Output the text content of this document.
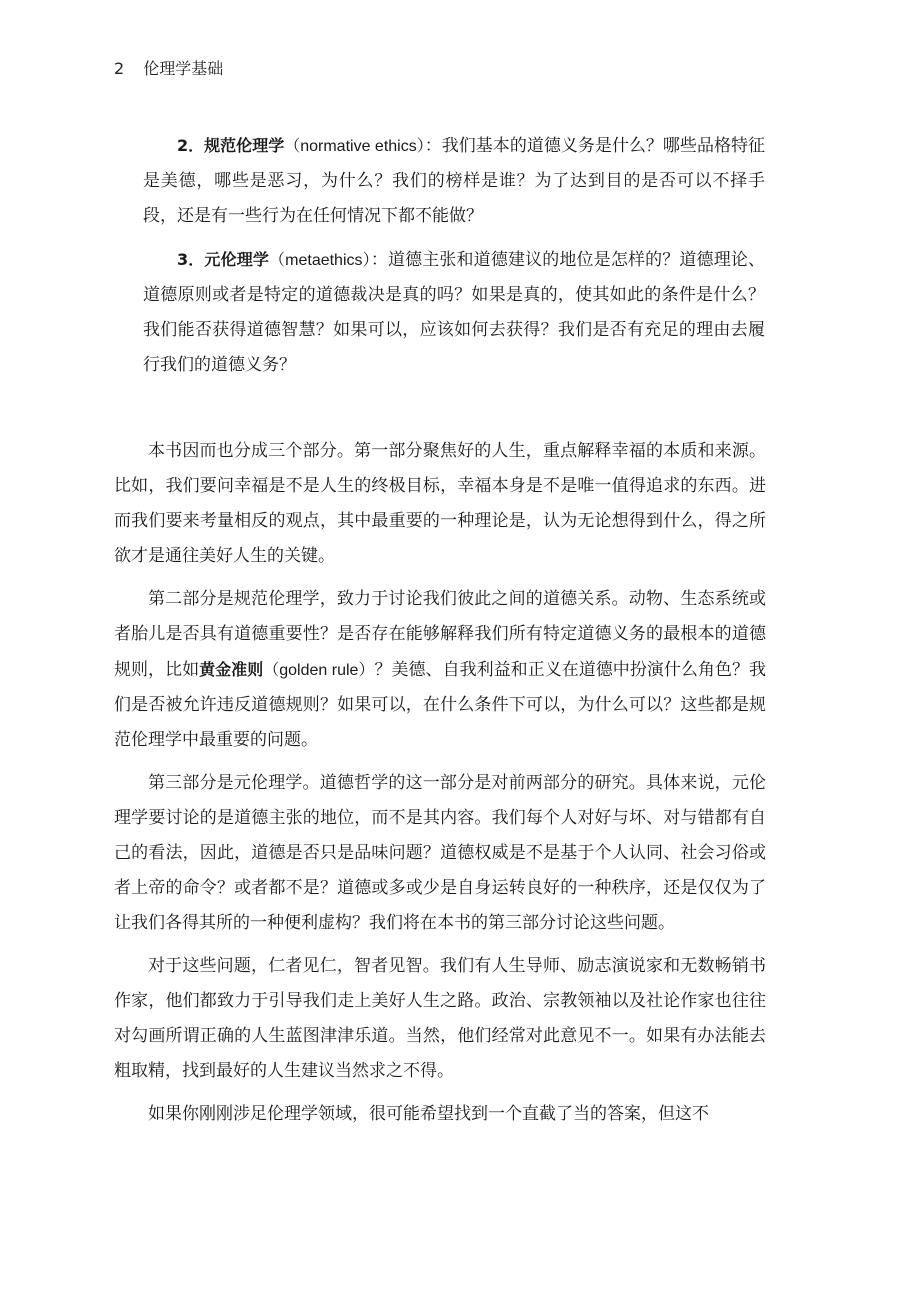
2 伦理学基础

2．规范伦理学（normative ethics）：我们基本的道德义务是什么？哪些品格特征是美德，哪些是恶习，为什么？我们的榜样是谁？为了达到目的是否可以不择手段，还是有一些行为在任何情况下都不能做？

3．元伦理学（metaethics）：道德主张和道德建议的地位是怎样的？道德理论、道德原则或者是特定的道德裁决是真的吗？如果是真的，使其如此的条件是什么？我们能否获得道德智慧？如果可以，应该如何去获得？我们是否有充足的理由去履行我们的道德义务？

本书因而也分成三个部分。第一部分聚焦好的人生，重点解释幸福的本质和来源。比如，我们要问幸福是不是人生的终极目标，幸福本身是不是唯一值得追求的东西。进而我们要来考量相反的观点，其中最重要的一种理论是，认为无论想得到什么，得之所欲才是通往美好人生的关键。

第二部分是规范伦理学，致力于讨论我们彼此之间的道德关系。动物、生态系统或者胎儿是否具有道德重要性？是否存在能够解释我们所有特定道德义务的最根本的道德规则，比如黄金准则（golden rule）？美德、自我利益和正义在道德中扮演什么角色？我们是否被允许违反道德规则？如果可以，在什么条件下可以，为什么可以？这些都是规范伦理学中最重要的问题。

第三部分是元伦理学。道德哲学的这一部分是对前两部分的研究。具体来说，元伦理学要讨论的是道德主张的地位，而不是其内容。我们每个人对好与坏、对与错都有自己的看法，因此，道德是否只是品味问题？道德权威是不是基于个人认同、社会习俗或者上帝的命令？或者都不是？道德或多或少是自身运转良好的一种秩序，还是仅仅为了让我们各得其所的一种便利虚构？我们将在本书的第三部分讨论这些问题。

对于这些问题，仁者见仁，智者见智。我们有人生导师、励志演说家和无数畅销书作家，他们都致力于引导我们走上美好人生之路。政治、宗教领袖以及社论作家也往往对勾画所谓正确的人生蓝图津津乐道。当然，他们经常对此意见不一。如果有办法能去粗取精，找到最好的人生建议当然求之不得。

如果你刚刚涉足伦理学领域，很可能希望找到一个直截了当的答案，但这不
